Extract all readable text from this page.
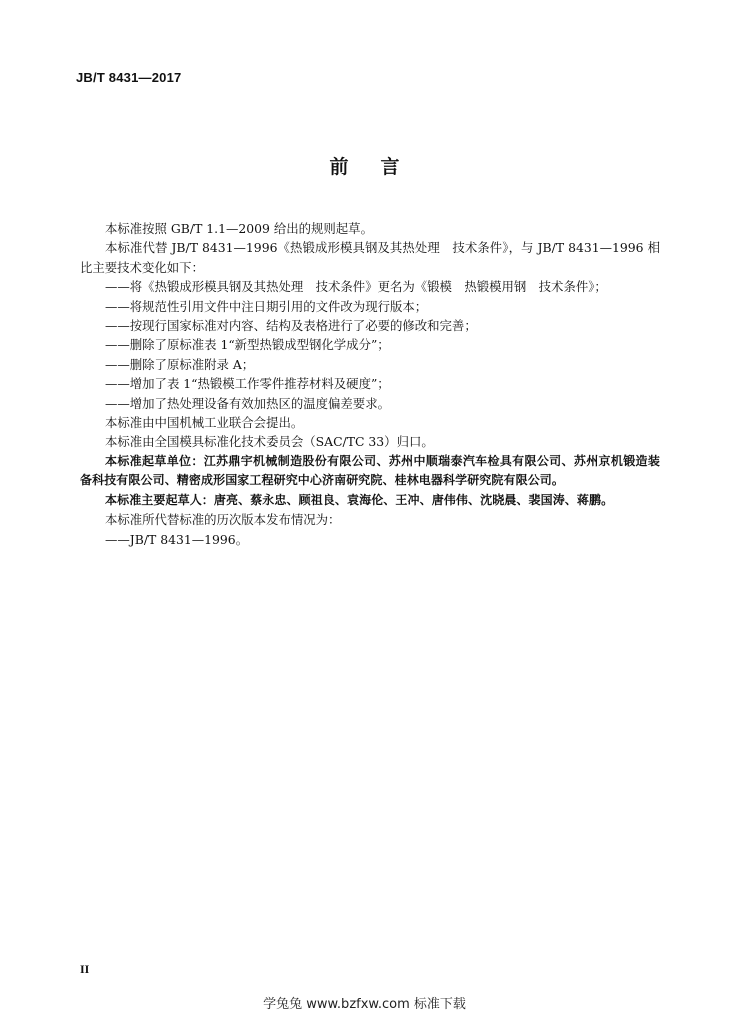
JB/T 8431—2017
前言

本标准按照 GB/T 1.1—2009 给出的规则起草。

本标准代替 JB/T 8431—1996《热锻成形模具钢及其热处理　技术条件》，与 JB/T 8431—1996 相比主要技术变化如下：

——将《热锻成形模具钢及其热处理　技术条件》更名为《锻模　热锻模用钢　技术条件》；

——将规范性引用文件中注日期引用的文件改为现行版本；

——按现行国家标准对内容、结构及表格进行了必要的修改和完善；

——删除了原标准表 1“新型热锻成型钢化学成分”；

——删除了原标准附录 A；

——增加了表 1“热锻模工作零件推荐材料及硬度”；

——增加了热处理设备有效加热区的温度偏差要求。

本标准由中国机械工业联合会提出。

本标准由全国模具标准化技术委员会（SAC/TC 33）归口。

本标准起草单位：江苏鼎宇机械制造股份有限公司、苏州中顺瑞泰汽车检具有限公司、苏州京机锻造装备科技有限公司、精密成形国家工程研究中心济南研究院、桂林电器科学研究院有限公司。

本标准主要起草人：唐亮、蔡永忠、顾祖良、袁海伦、王冲、唐伟伟、沈晓晨、裴国涛、蒋鹏。

本标准所代替标准的历次版本发布情况为：

——JB/T 8431—1996。

II
学兔兔 www.bzfxw.com 标准下载
